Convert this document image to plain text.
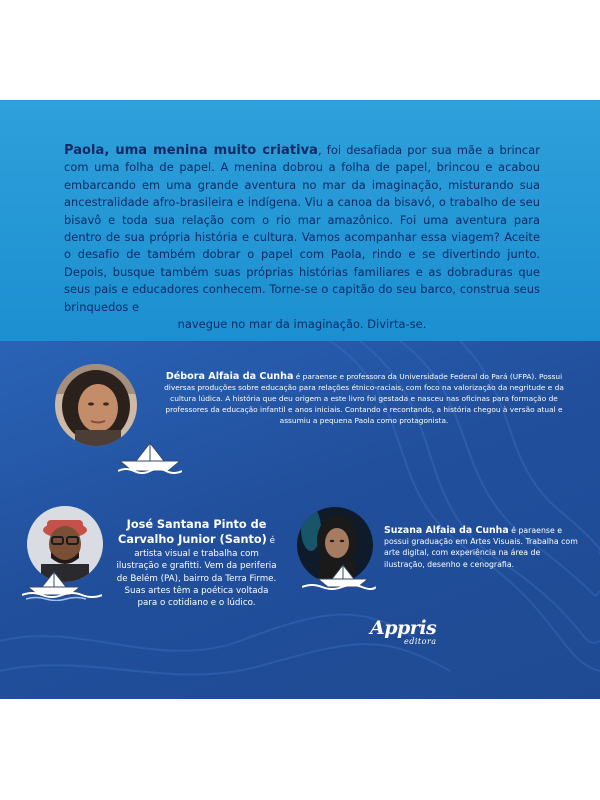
Paola, uma menina muito criativa, foi desafiada por sua mãe a brincar com uma folha de papel. A menina dobrou a folha de papel, brincou e acabou embarcando em uma grande aventura no mar da imaginação, misturando sua ancestralidade afro-brasileira e indígena. Viu a canoa da bisavó, o trabalho de seu bisavô e toda sua relação com o rio mar amazônico. Foi uma aventura para dentro de sua própria história e cultura. Vamos acompanhar essa viagem? Aceite o desafio de também dobrar o papel com Paola, rindo e se divertindo junto. Depois, busque também suas próprias histórias familiares e as dobraduras que seus pais e educadores conhecem. Torne-se o capitão do seu barco, construa seus brinquedos e
navegue no mar da imaginação. Divirta-se.

Débora Alfaia da Cunha é paraense e professora da Universidade Federal do Pará (UFPA). Possui diversas produções sobre educação para relações étnico-raciais, com foco na valorização da negritude e da cultura lúdica. A história que deu origem a este livro foi gestada e nasceu nas oficinas para formação de professores da educação infantil e anos iniciais. Contando e recontando, a história chegou à versão atual e assumiu a pequena Paola como protagonista.

José Santana Pinto de Carvalho Junior (Santo) é artista visual e trabalha com ilustração e grafitti. Vem da periferia de Belém (PA), bairro da Terra Firme. Suas artes têm a poética voltada para o cotidiano e o lúdico.

Suzana Alfaia da Cunha é paraense e possui graduação em Artes Visuais. Trabalha com arte digital, com experiência na área de ilustração, desenho e cenografia.

Appris
editora
